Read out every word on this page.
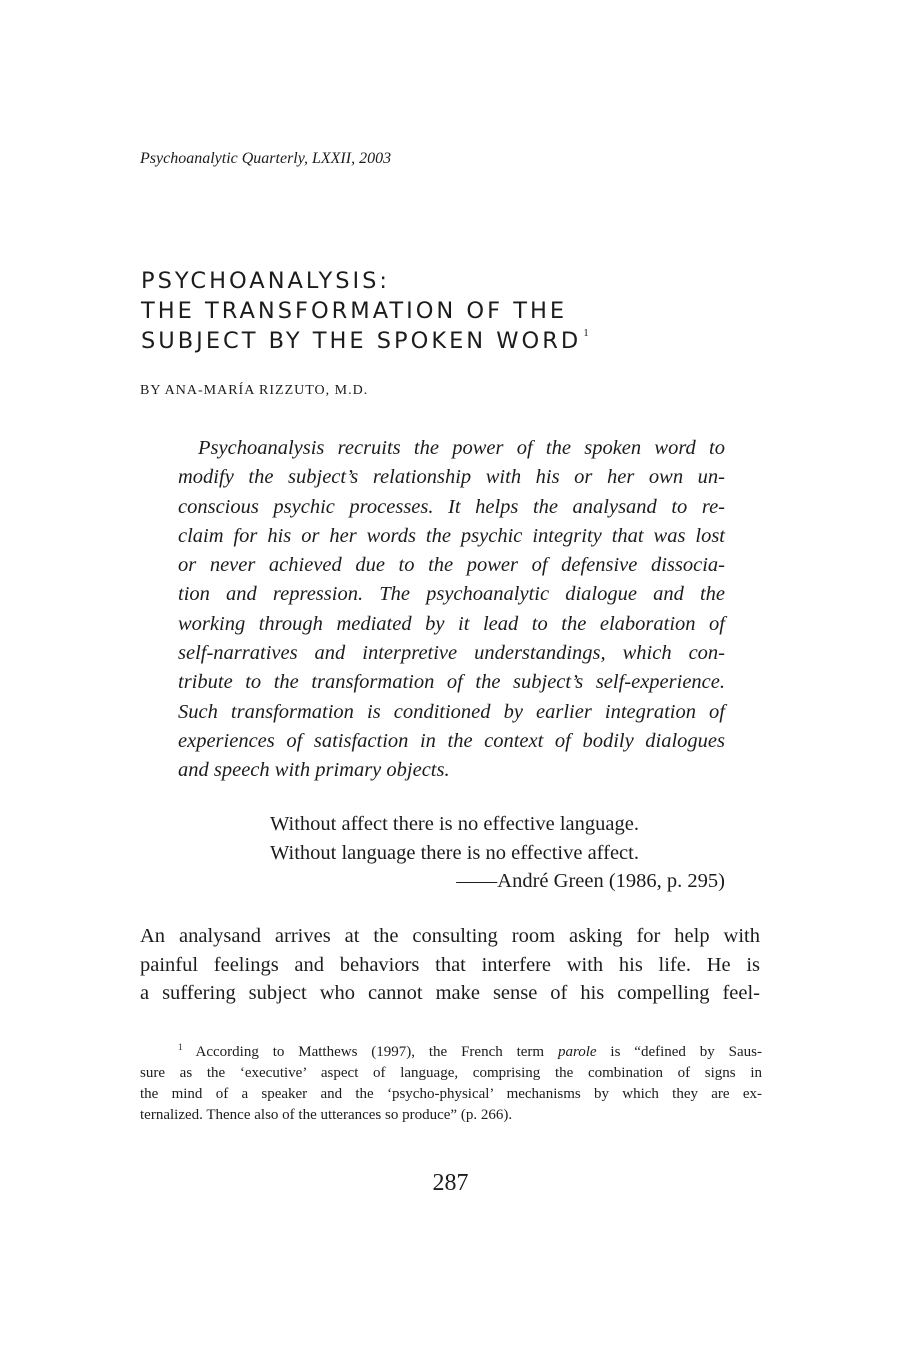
Psychoanalytic Quarterly, LXXII, 2003
PSYCHOANALYSIS:
THE TRANSFORMATION OF THE
SUBJECT BY THE SPOKEN WORD $^1$
BY ANA-MARÍA RIZZUTO, M.D.
Psychoanalysis recruits the power of the spoken word to
modify the subject’s relationship with his or her own un-
conscious psychic processes. It helps the analysand to re-
claim for his or her words the psychic integrity that was lost
or never achieved due to the power of defensive dissocia-
tion and repression. The psychoanalytic dialogue and the
working through mediated by it lead to the elaboration of
self-narratives and interpretive understandings, which con-
tribute to the transformation of the subject’s self-experience.
Such transformation is conditioned by earlier integration of
experiences of satisfaction in the context of bodily dialogues
and speech with primary objects.
Without affect there is no effective language.
Without language there is no effective affect.
——André Green (1986, p. 295)
An analysand arrives at the consulting room asking for help with
painful feelings and behaviors that interfere with his life. He is
a suffering subject who cannot make sense of his compelling feel-
$^1$ According to Matthews (1997), the French term parole is “defined by Saus-
sure as the ‘executive’ aspect of language, comprising the combination of signs in
the mind of a speaker and the ‘psycho-physical’ mechanisms by which they are ex-
ternalized. Thence also of the utterances so produce” (p. 266).
287
